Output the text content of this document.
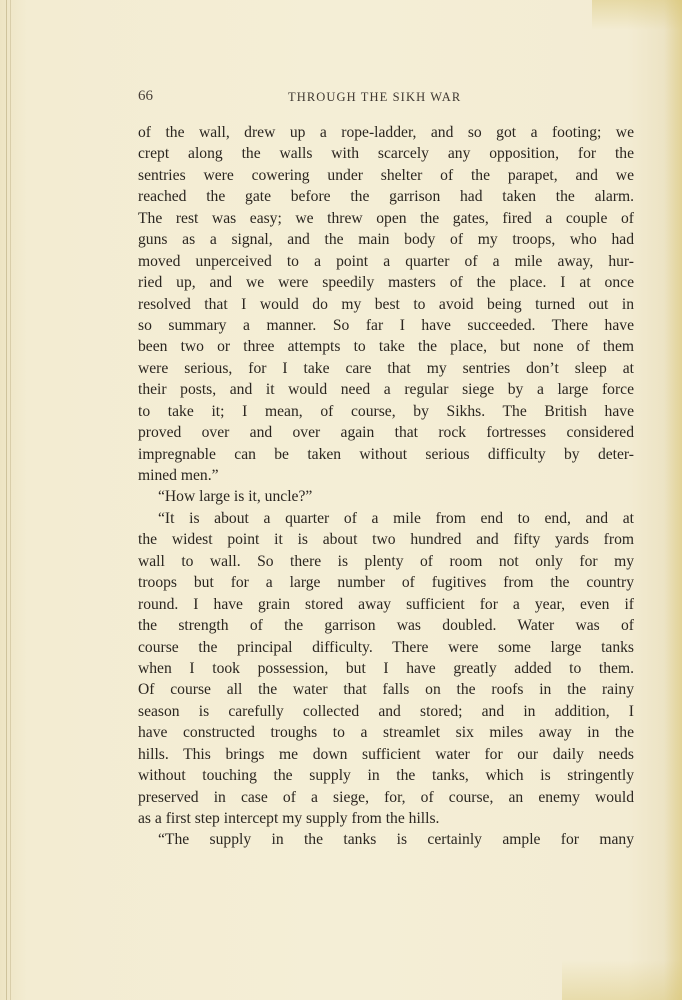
66	THROUGH THE SIKH WAR
of the wall, drew up a rope-ladder, and so got a footing; we
crept along the walls with scarcely any opposition, for the
sentries were cowering under shelter of the parapet, and we
reached the gate before the garrison had taken the alarm.
The rest was easy; we threw open the gates, fired a couple of
guns as a signal, and the main body of my troops, who had
moved unperceived to a point a quarter of a mile away, hur-
ried up, and we were speedily masters of the place. I at once
resolved that I would do my best to avoid being turned out in
so summary a manner. So far I have succeeded. There have
been two or three attempts to take the place, but none of them
were serious, for I take care that my sentries don’t sleep at
their posts, and it would need a regular siege by a large force
to take it; I mean, of course, by Sikhs. The British have
proved over and over again that rock fortresses considered
impregnable can be taken without serious difficulty by deter-
mined men.”
“How large is it, uncle?”
“It is about a quarter of a mile from end to end, and at
the widest point it is about two hundred and fifty yards from
wall to wall. So there is plenty of room not only for my
troops but for a large number of fugitives from the country
round. I have grain stored away sufficient for a year, even if
the strength of the garrison was doubled. Water was of
course the principal difficulty. There were some large tanks
when I took possession, but I have greatly added to them.
Of course all the water that falls on the roofs in the rainy
season is carefully collected and stored; and in addition, I
have constructed troughs to a streamlet six miles away in the
hills. This brings me down sufficient water for our daily needs
without touching the supply in the tanks, which is stringently
preserved in case of a siege, for, of course, an enemy would
as a first step intercept my supply from the hills.
“The supply in the tanks is certainly ample for many
